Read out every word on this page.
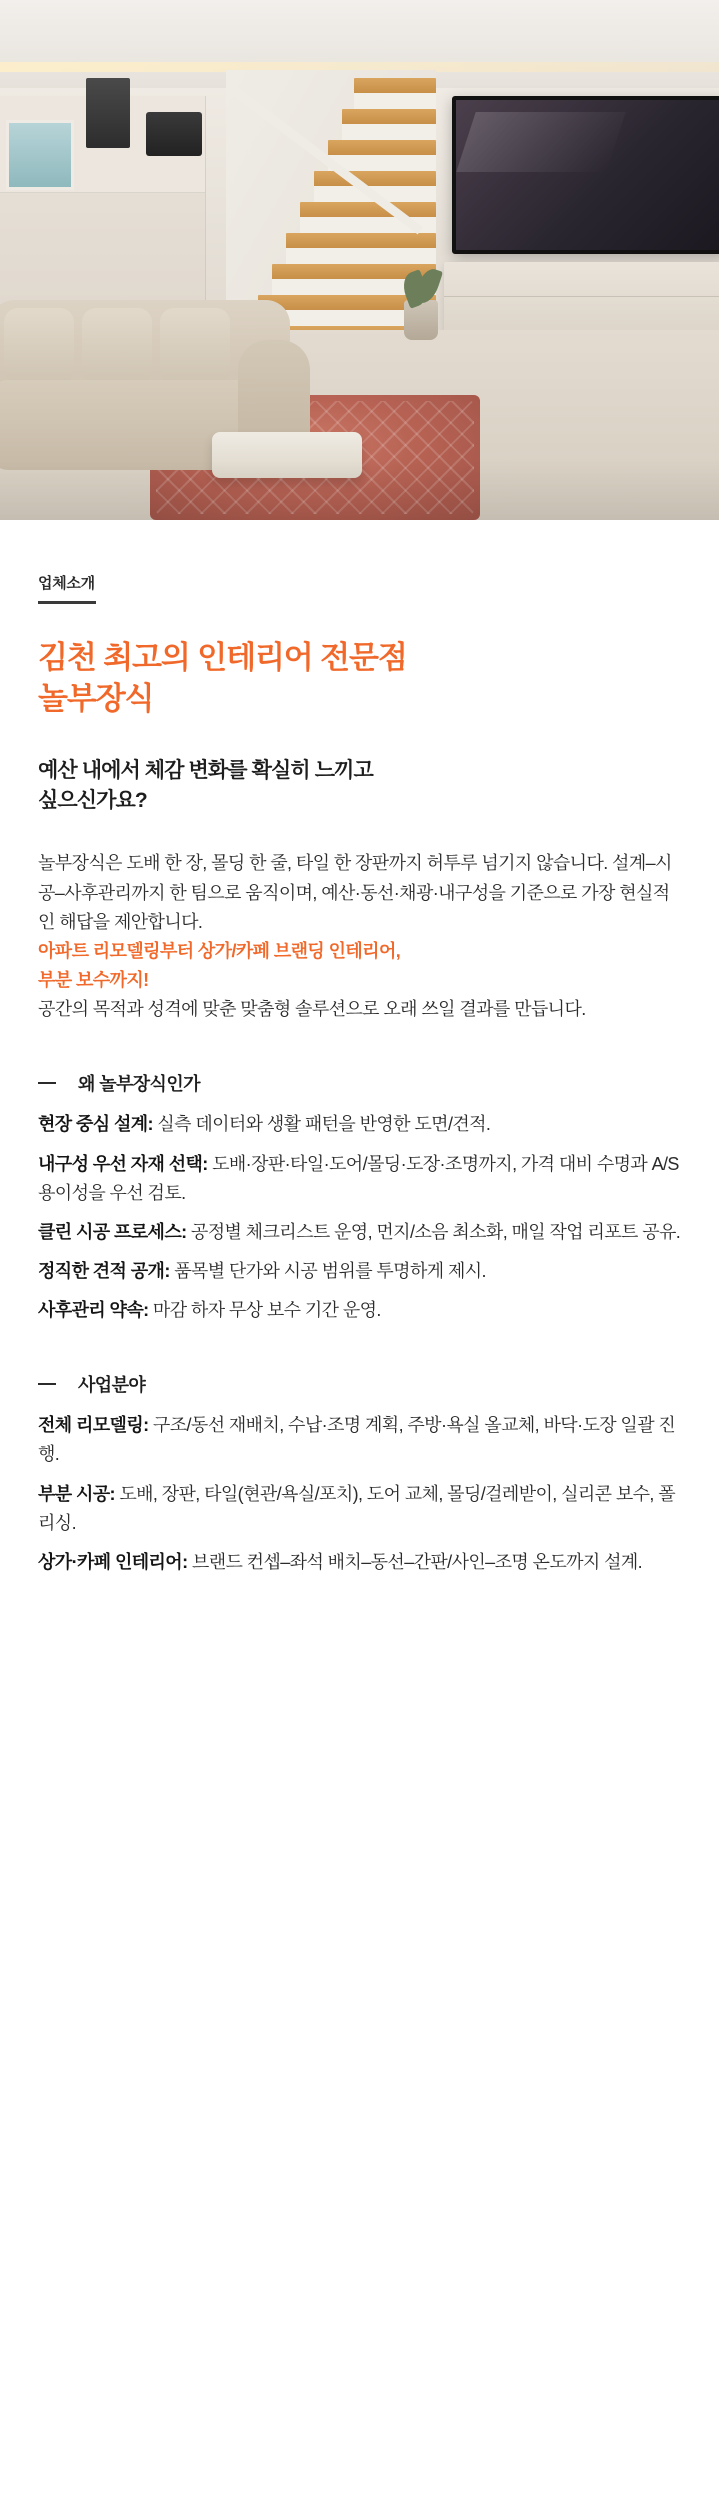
업체소개
김천 최고의 인테리어 전문점
놀부장식
예산 내에서 체감 변화를 확실히 느끼고
싶으신가요?

놀부장식은 도배 한 장, 몰딩 한 줄, 타일 한 장판까지 허투루 넘기지 않습니다. 설계–시공–사후관리까지 한 팀으로 움직이며, 예산·동선·채광·내구성을 기준으로 가장 현실적인 해답을 제안합니다.

아파트 리모델링부터 상가/카페 브랜딩 인테리어,

부분 보수까지!

공간의 목적과 성격에 맞춘 맞춤형 솔루션으로 오래 쓰일 결과를 만듭니다.

왜 놀부장식인가

현장 중심 설계: 실측 데이터와 생활 패턴을 반영한 도면/견적.

내구성 우선 자재 선택: 도배·장판·타일·도어/몰딩·도장·조명까지, 가격 대비 수명과 A/S 용이성을 우선 검토.

클린 시공 프로세스: 공정별 체크리스트 운영, 먼지/소음 최소화, 매일 작업 리포트 공유.

정직한 견적 공개: 품목별 단가와 시공 범위를 투명하게 제시.

사후관리 약속: 마감 하자 무상 보수 기간 운영.

사업분야

전체 리모델링: 구조/동선 재배치, 수납·조명 계획, 주방·욕실 올교체, 바닥·도장 일괄 진행.

부분 시공: 도배, 장판, 타일(현관/욕실/포치), 도어 교체, 몰딩/걸레받이, 실리콘 보수, 폴리싱.

상가·카페 인테리어: 브랜드 컨셉–좌석 배치–동선–간판/사인–조명 온도까지 설계.
